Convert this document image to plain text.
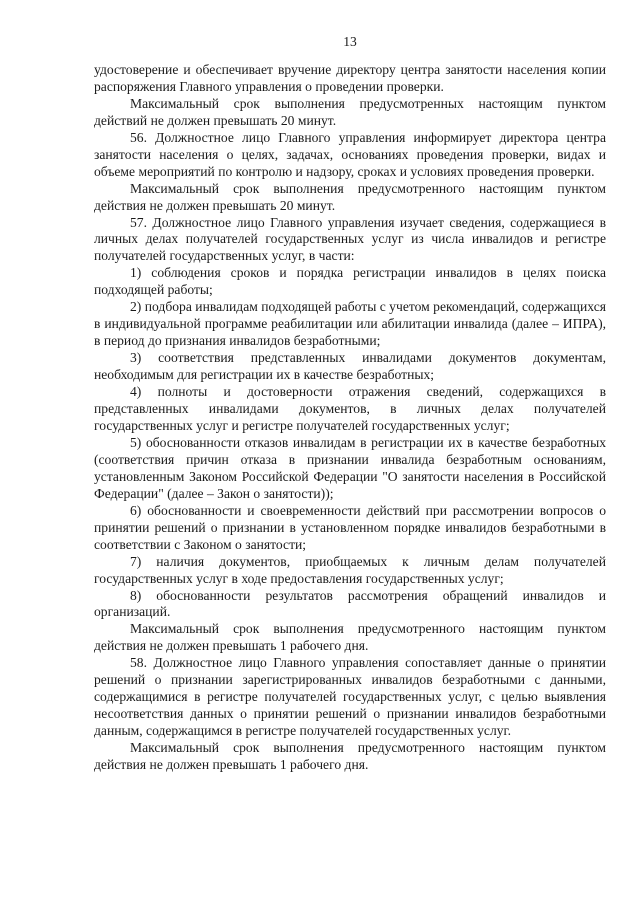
13

удостоверение и обеспечивает вручение директору центра занятости населения копии распоряжения Главного управления о проведении проверки.

Максимальный срок выполнения предусмотренных настоящим пунктом действий не должен превышать 20 минут.

56. Должностное лицо Главного управления информирует директора центра занятости населения о целях, задачах, основаниях проведения проверки, видах и объеме мероприятий по контролю и надзору, сроках и условиях проведения проверки.

Максимальный срок выполнения предусмотренного настоящим пунктом действия не должен превышать 20 минут.

57. Должностное лицо Главного управления изучает сведения, содержащиеся в личных делах получателей государственных услуг из числа инвалидов и регистре получателей государственных услуг, в части:

1) соблюдения сроков и порядка регистрации инвалидов в целях поиска подходящей работы;

2) подбора инвалидам подходящей работы с учетом рекомендаций, содержащихся в индивидуальной программе реабилитации или абилитации инвалида (далее – ИПРА), в период до признания инвалидов безработными;

3) соответствия представленных инвалидами документов документам, необходимым для регистрации их в качестве безработных;

4) полноты и достоверности отражения сведений, содержащихся в представленных инвалидами документов, в личных делах получателей государственных услуг и регистре получателей государственных услуг;

5) обоснованности отказов инвалидам в регистрации их в качестве безработных (соответствия причин отказа в признании инвалида безработным основаниям, установленным Законом Российской Федерации "О занятости населения в Российской Федерации" (далее – Закон о занятости));

6) обоснованности и своевременности действий при рассмотрении вопросов о принятии решений о признании в установленном порядке инвалидов безработными в соответствии с Законом о занятости;

7) наличия документов, приобщаемых к личным делам получателей государственных услуг в ходе предоставления государственных услуг;

8) обоснованности результатов рассмотрения обращений инвалидов и организаций.

Максимальный срок выполнения предусмотренного настоящим пунктом действия не должен превышать 1 рабочего дня.

58. Должностное лицо Главного управления сопоставляет данные о принятии решений о признании зарегистрированных инвалидов безработными с данными, содержащимися в регистре получателей государственных услуг, с целью выявления несоответствия данных о принятии решений о признании инвалидов безработными данным, содержащимся в регистре получателей государственных услуг.

Максимальный срок выполнения предусмотренного настоящим пунктом действия не должен превышать 1 рабочего дня.
